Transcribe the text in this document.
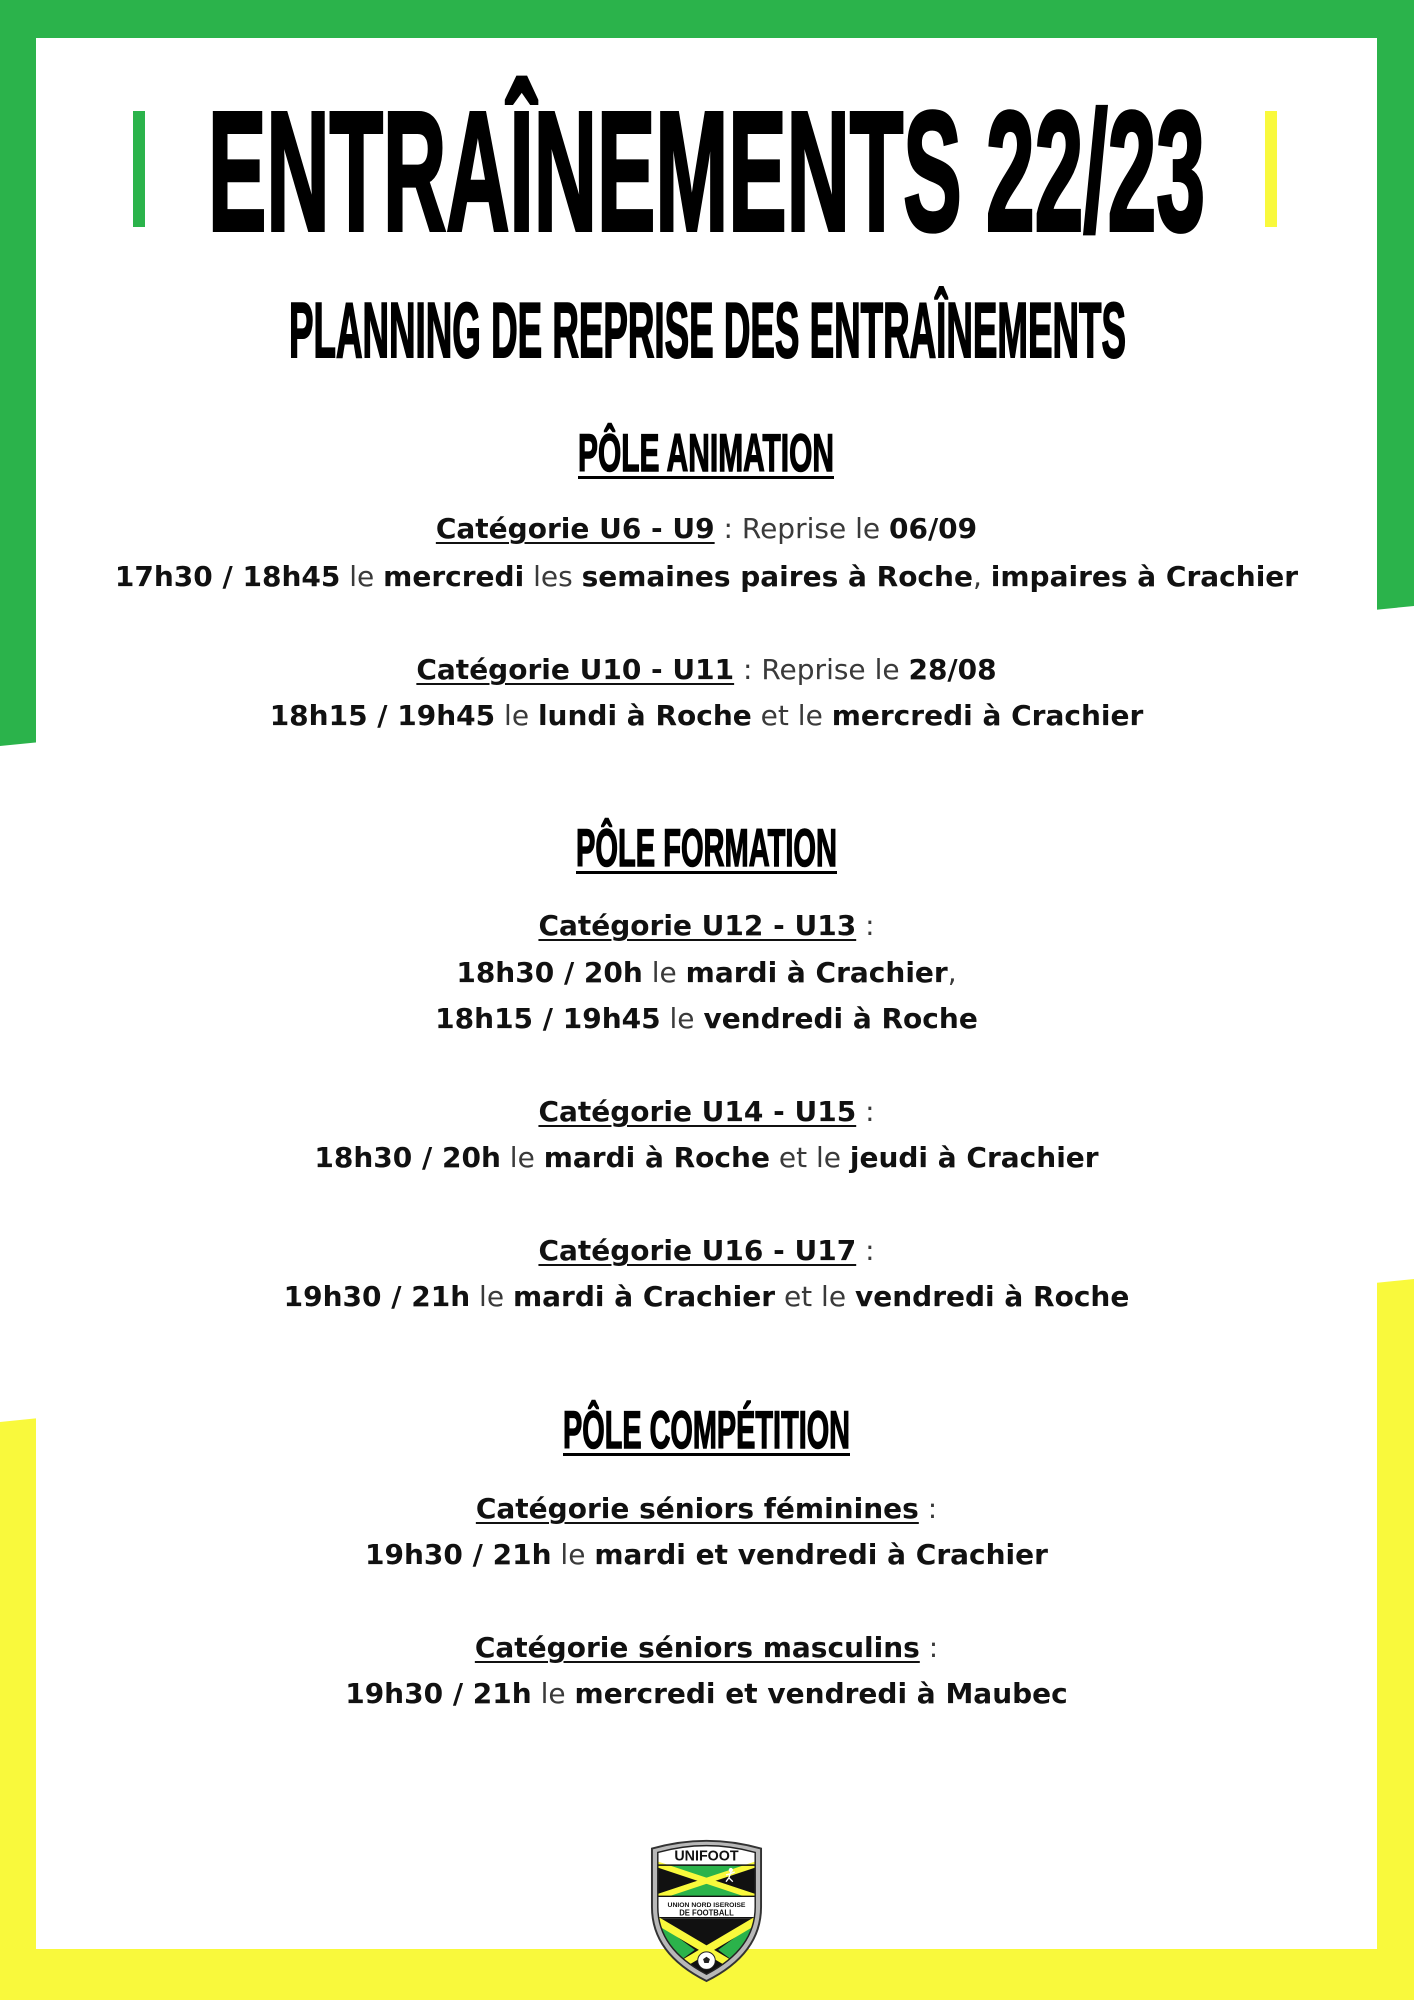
ENTRAÎNEMENTS 22/23
PLANNING DE REPRISE DES ENTRAÎNEMENTS
PÔLE ANIMATION
Catégorie U6 - U9 : Reprise le 06/09
17h30 / 18h45 le mercredi les semaines paires à Roche, impaires à Crachier
Catégorie U10 - U11 : Reprise le 28/08
18h15 / 19h45 le lundi à Roche et le mercredi à Crachier
PÔLE FORMATION
Catégorie U12 - U13 :
18h30 / 20h le mardi à Crachier,
18h15 / 19h45 le vendredi à Roche
Catégorie U14 - U15 :
18h30 / 20h le mardi à Roche et le jeudi à Crachier
Catégorie U16 - U17 :
19h30 / 21h le mardi à Crachier et le vendredi à Roche
PÔLE COMPÉTITION
Catégorie séniors féminines :
19h30 / 21h le mardi et vendredi à Crachier
Catégorie séniors masculins :
19h30 / 21h le mercredi et vendredi à Maubec
UNIFOOT
UNION NORD ISEROISE
DE FOOTBALL
